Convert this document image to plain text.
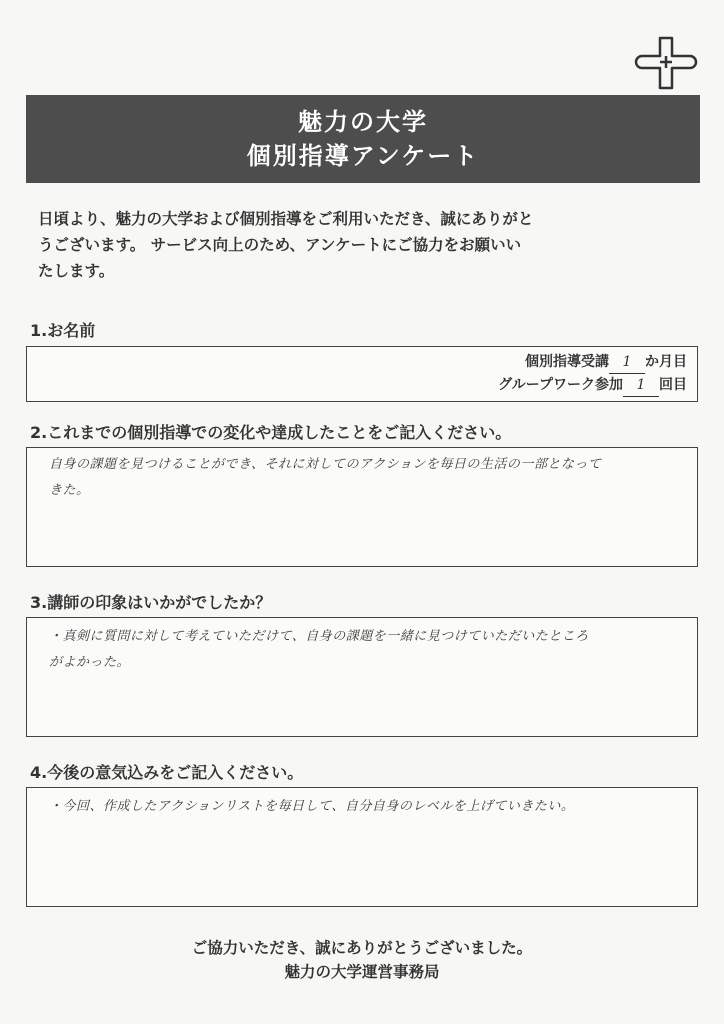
魅力の大学
個別指導アンケート
日頃より、魅力の大学および個別指導をご利用いただき、誠にありがと
うございます。 サービス向上のため、アンケートにご協力をお願いい
たします。
1.お名前
個別指導受講 1 か月目
グループワーク参加 1 回目
2.これまでの個別指導での変化や達成したことをご記入ください。
自身の課題を見つけることができ、それに対してのアクションを毎日の生活の一部となって
きた。
3.講師の印象はいかがでしたか？
・真剣に質問に対して考えていただけて、自身の課題を一緒に見つけていただいたところ
がよかった。
4.今後の意気込みをご記入ください。
・今回、作成したアクションリストを毎日して、自分自身のレベルを上げていきたい。
ご協力いただき、誠にありがとうございました。
魅力の大学運営事務局
